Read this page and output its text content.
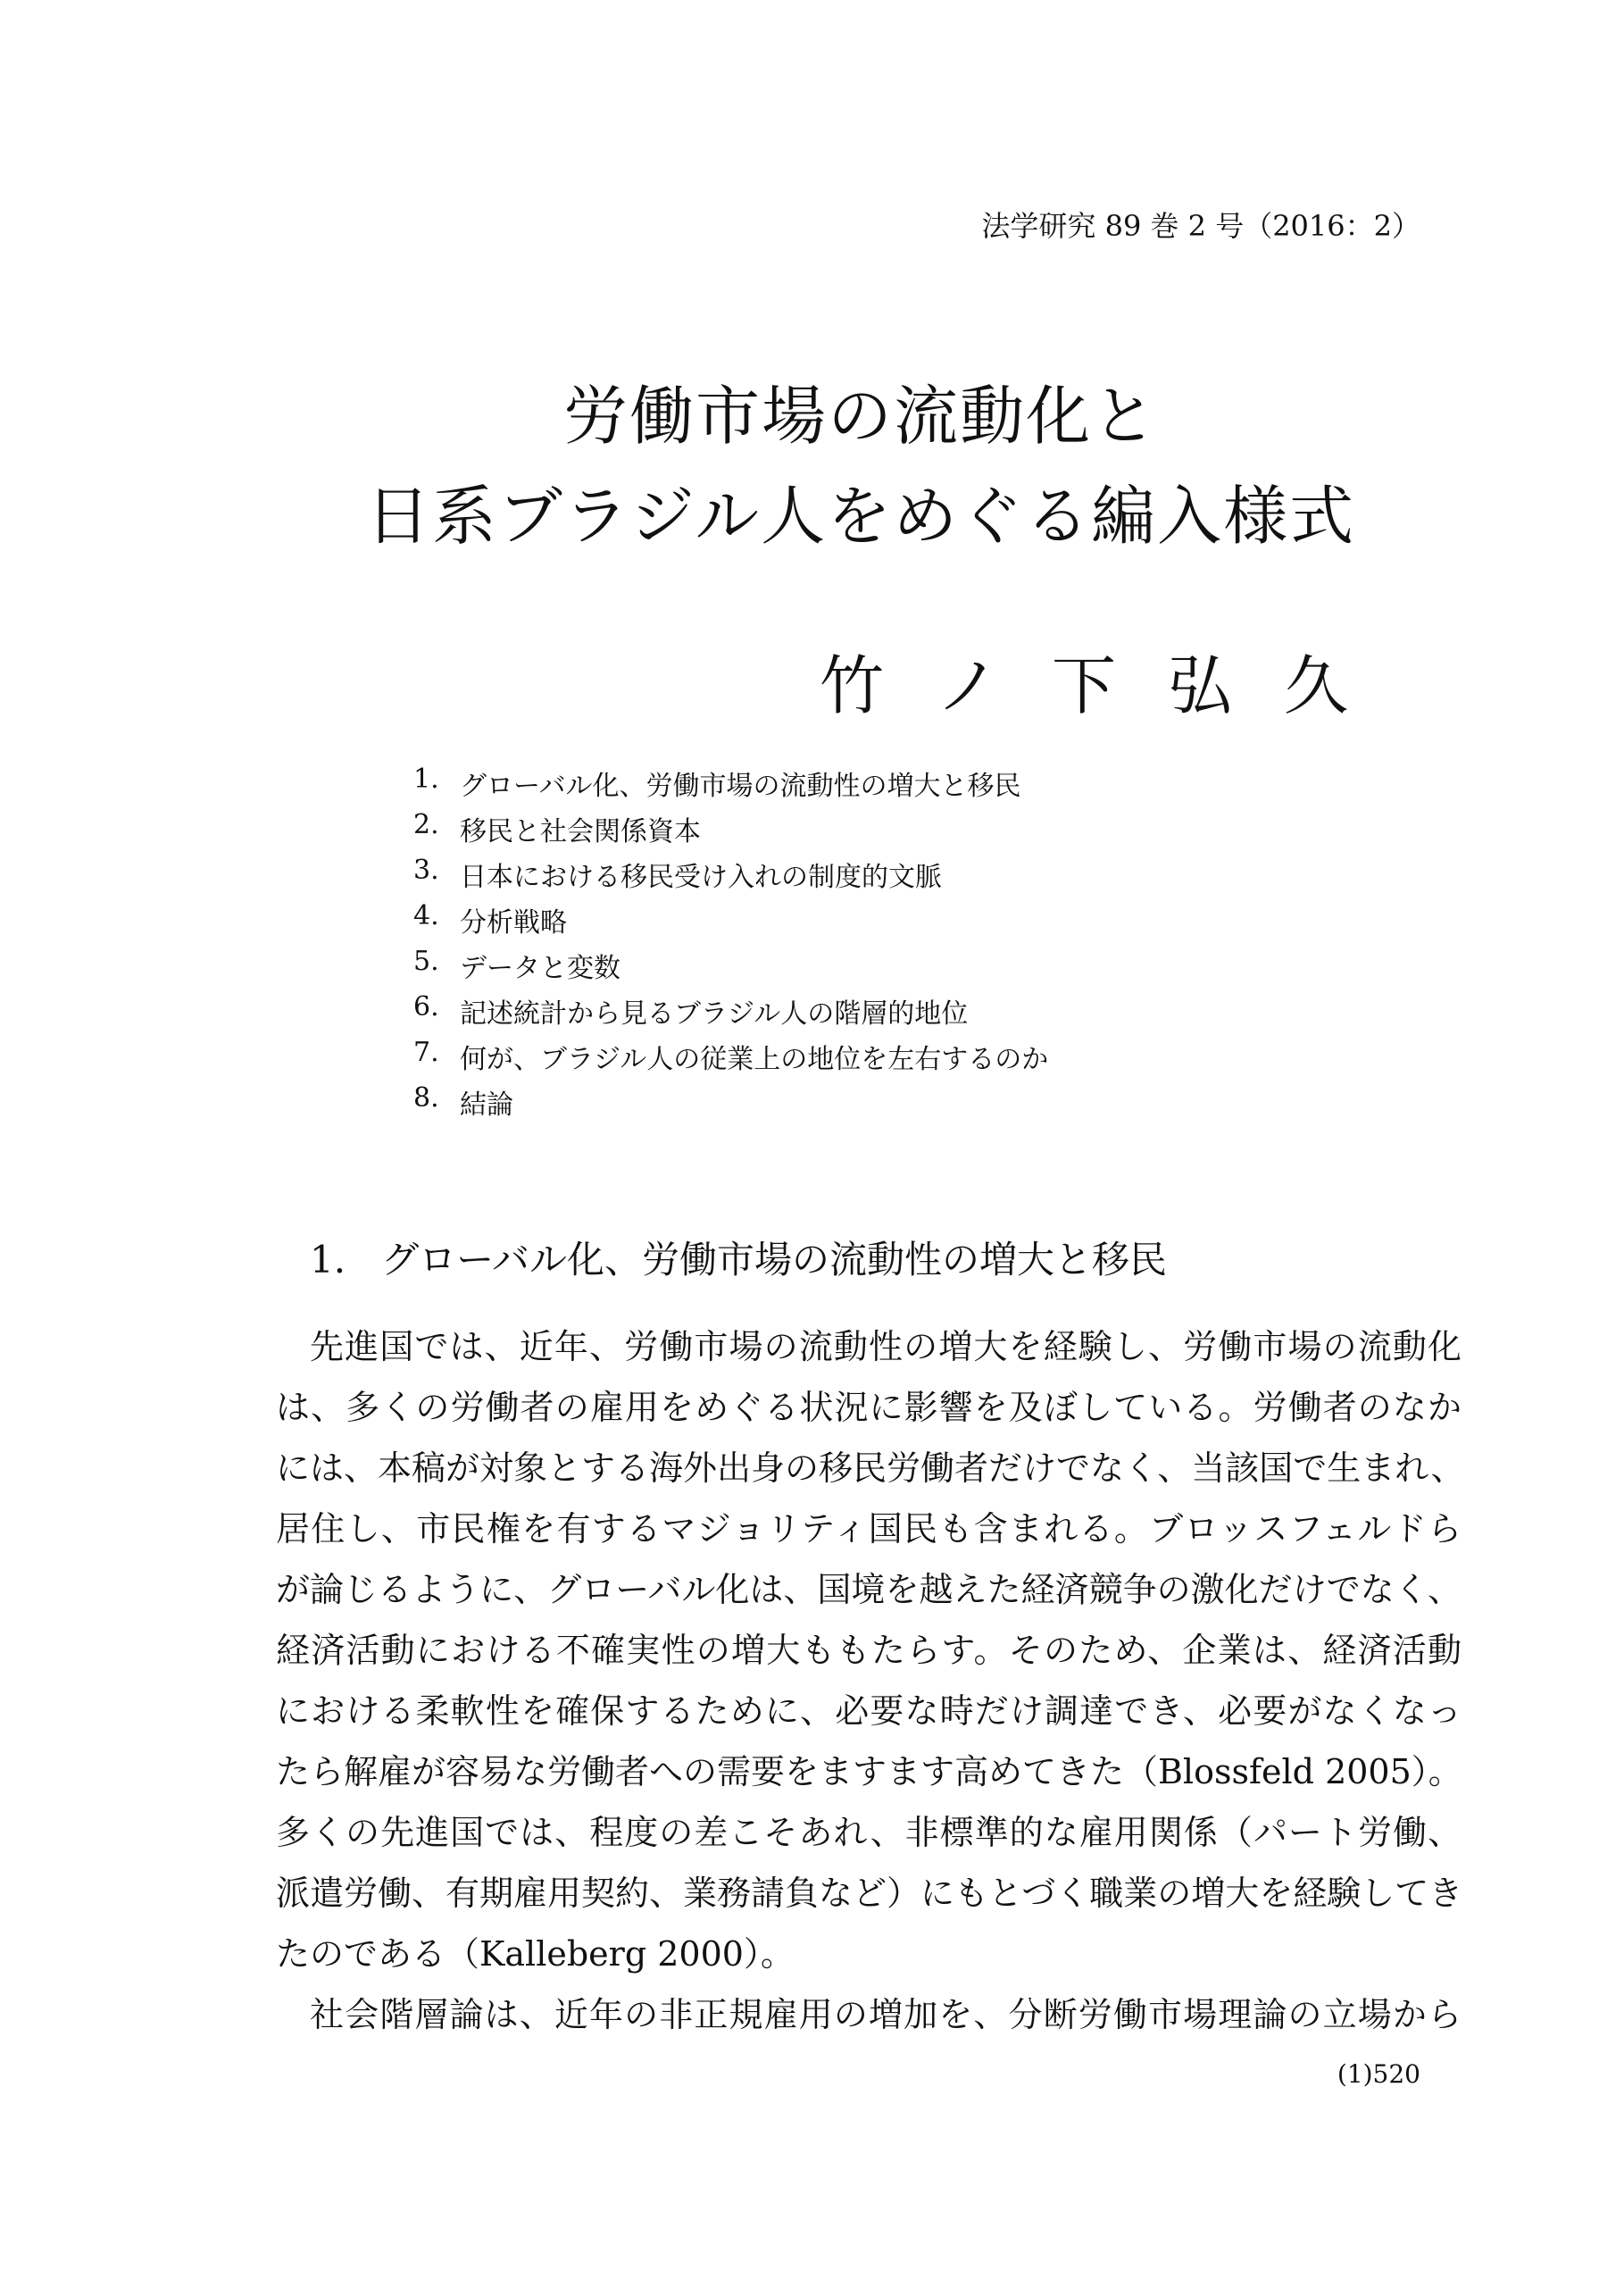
法学研究 89 巻 2 号（2016：2）
労働市場の流動化と
日系ブラジル人をめぐる編入様式
竹 ノ 下 弘 久
1. グローバル化、労働市場の流動性の増大と移民
2. 移民と社会関係資本
3. 日本における移民受け入れの制度的文脈
4. 分析戦略
5. データと変数
6. 記述統計から見るブラジル人の階層的地位
7. 何が、ブラジル人の従業上の地位を左右するのか
8. 結論
1. グローバル化、労働市場の流動性の増大と移民
先進国では、近年、労働市場の流動性の増大を経験し、労働市場の流動化
は、多くの労働者の雇用をめぐる状況に影響を及ぼしている。労働者のなか
には、本稿が対象とする海外出身の移民労働者だけでなく、当該国で生まれ、
居住し、市民権を有するマジョリティ国民も含まれる。ブロッスフェルドら
が論じるように、グローバル化は、国境を越えた経済競争の激化だけでなく、
経済活動における不確実性の増大ももたらす。そのため、企業は、経済活動
における柔軟性を確保するために、必要な時だけ調達でき、必要がなくなっ
たら解雇が容易な労働者への需要をますます高めてきた（Blossfeld 2005）。
多くの先進国では、程度の差こそあれ、非標準的な雇用関係（パート労働、
派遣労働、有期雇用契約、業務請負など）にもとづく職業の増大を経験してき
たのである（Kalleberg 2000）。
社会階層論は、近年の非正規雇用の増加を、分断労働市場理論の立場から
(1)520
